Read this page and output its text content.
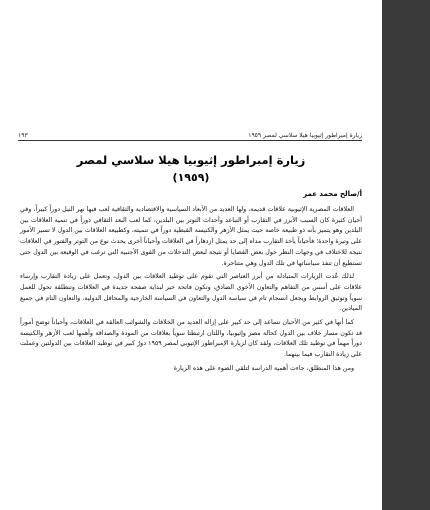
زيارة إمبراطور إثيوبيا هيلا سلاسي لمصر ١٩٥٩
١٩٣
زيارة إمبراطور إثيوبيا هيلا سلاسي لمصر
(١٩٥٩)
أ/صالح محمد عمر

العلاقات المصرية الإثيوبية علاقات قديمة، ولها العديد من الأبعاد السياسية والاقتصادية والثقافية لعب فيها نهر النيل دوراً كبيراً، وفي أحيان كثيرة كان السبب الأبرز في التقارب أو التباعد وأحداث التوتر بين البلدين، كما لعب البعد الثقافي دوراً في تنمية العلاقات بين البلدين وهو يتميز بأنه ذو طبيعة خاصة حيث يمثل الأزهر والكنيسة القبطية دوراً في تنميته، وكطبيعة العلاقات بين الدول لا تسير الأمور على وتيرة واحدة؛ فأحياناً يأخذ التقارب مداه إلى حد يمثل ازدهاراً في العلاقات وأحياناً أخرى يحدث نوع من التوتر والفتور في العلاقات نتيجة للاختلاف في وجهات النظر حول بعض القضايا أو نتيجة لبعض التدخلات من القوى الأجنبية التي ترغب في الوقيعة بين الدول حتى تستطيع أن تنفذ سياساتها في تلك الدول وهي متناحرة.

لذلك عُدت الزيارات المتبادلة من أبرز العناصر التي تقوم على توطيد العلاقات بين الدول، وتعمل على زيادة التقارب وإرساء علاقات على أسس من التفاهم والتعاون الأخوي الصادق، وتكون فاتحة خير لبداية صفحة جديدة في العلاقات وتنطلقة تحول للعمل سوياً وتوثيق الروابط ويجعل انسجام تام في سياسة الدول والتعاون في السياسة الخارجية والمحافل الدولية، والتعاون التام في جميع الميادين.

كما أنها في كثير من الأحيان تساعد إلى حد كبير على إزالة العديد من الخلافات والشوائب العالقة في العلاقات، وأحياناً توضح أموراً قد تكون مسار خلاف بين الدول كحالة مصر وإثيوبيا، واللتان ارتبطتا سوياً بعلاقات من المودة والصداقة وأهمها لعب الأزهر والكنيسة دوراً مهماً في توطيد تلك العلاقات، ولقد كان لزيارة الإمبراطور الإثيوبي لمصر ١٩٥٩ دورٌ كبير في توطيد العلاقات بين الدولتين وعملت على زيادة التقارب فيما بينهما.

ومن هذا المنطلق، جاءت أهمية الدراسة لتلقي الضوء على هذه الزيارة
